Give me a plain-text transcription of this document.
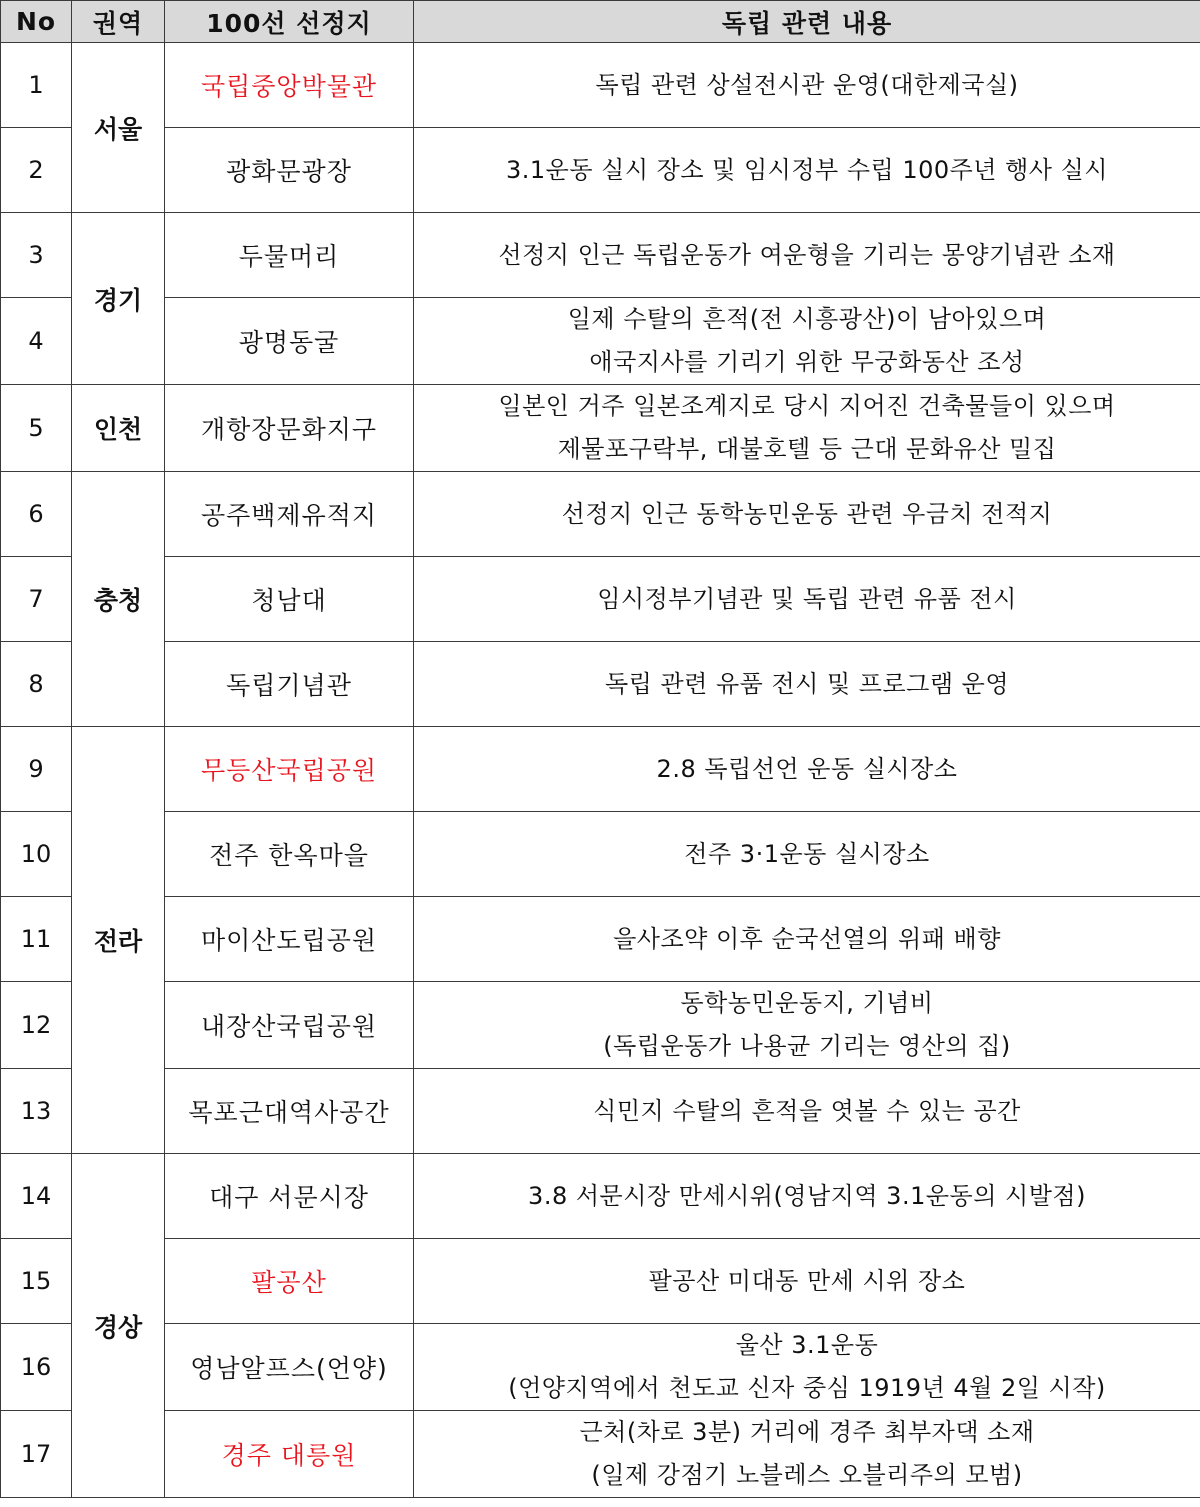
No	권역	100선 선정지	독립 관련 내용
1	서울	국립중앙박물관	독립 관련 상설전시관 운영(대한제국실)

2		광화문광장	3.1운동 실시 장소 및 임시정부 수립 100주년 행사 실시

3	경기	두물머리	선정지 인근 독립운동가 여운형을 기리는 몽양기념관 소재

4		광명동굴	일제 수탈의 흔적(전 시흥광산)이 남아있으며
애국지사를 기리기 위한 무궁화동산 조성

5	인천	개항장문화지구	일본인 거주 일본조계지로 당시 지어진 건축물들이 있으며
제물포구락부, 대불호텔 등 근대 문화유산 밀집

6	충청	공주백제유적지	선정지 인근 동학농민운동 관련 우금치 전적지

7		청남대	임시정부기념관 및 독립 관련 유품 전시

8		독립기념관	독립 관련 유품 전시 및 프로그램 운영

9	전라	무등산국립공원	2.8 독립선언 운동 실시장소

10		전주 한옥마을	전주 3·1운동 실시장소

11		마이산도립공원	을사조약 이후 순국선열의 위패 배향

12		내장산국립공원	동학농민운동지, 기념비
(독립운동가 나용균 기리는 영산의 집)

13		목포근대역사공간	식민지 수탈의 흔적을 엿볼 수 있는 공간

14	경상	대구 서문시장	3.8 서문시장 만세시위(영남지역 3.1운동의 시발점)

15		팔공산	팔공산 미대동 만세 시위 장소

16		영남알프스(언양)	울산 3.1운동
(언양지역에서 천도교 신자 중심 1919년 4월 2일 시작)

17		경주 대릉원	근처(차로 3분) 거리에 경주 최부자댁 소재
(일제 강점기 노블레스 오블리주의 모범)
